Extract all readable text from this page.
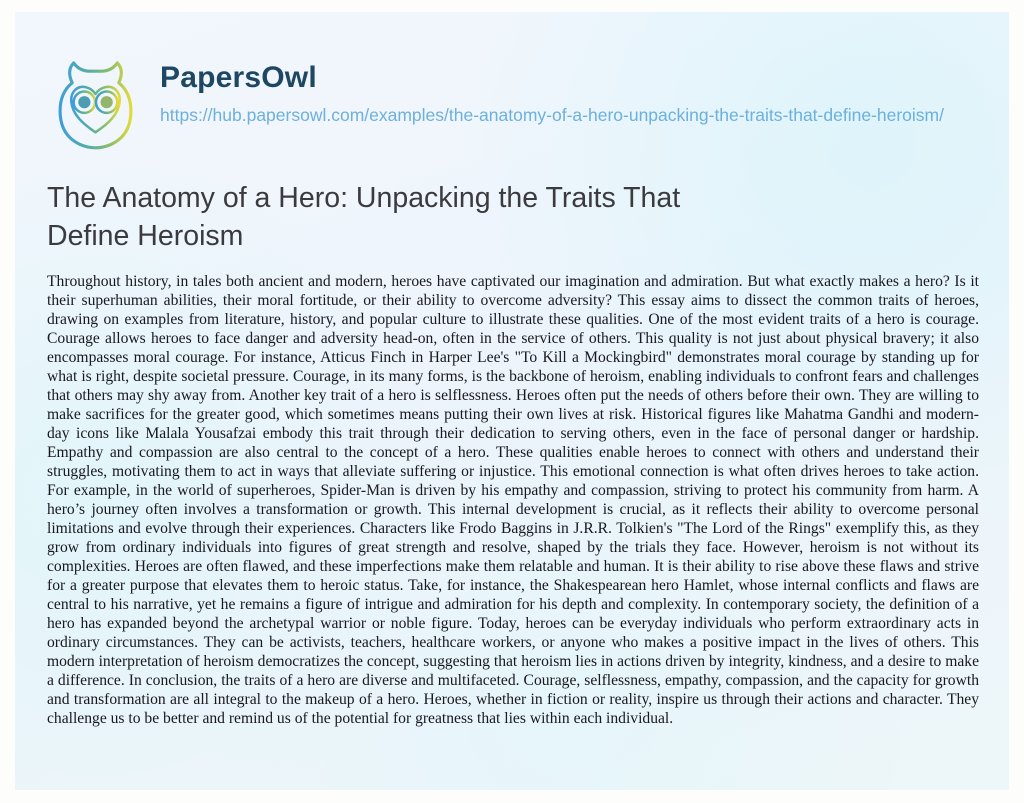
PapersOwl
https://hub.papersowl.com/examples/the-anatomy-of-a-hero-unpacking-the-traits-that-define-heroism/
The Anatomy of a Hero: Unpacking the Traits That Define Heroism

Throughout history, in tales both ancient and modern, heroes have captivated our imagination and admiration. But what exactly makes a hero? Is it their superhuman abilities, their moral fortitude, or their ability to overcome adversity? This essay aims to dissect the common traits of heroes, drawing on examples from literature, history, and popular culture to illustrate these qualities. One of the most evident traits of a hero is courage. Courage allows heroes to face danger and adversity head-on, often in the service of others. This quality is not just about physical bravery; it also encompasses moral courage. For instance, Atticus Finch in Harper Lee's "To Kill a Mockingbird" demonstrates moral courage by standing up for what is right, despite societal pressure. Courage, in its many forms, is the backbone of heroism, enabling individuals to confront fears and challenges that others may shy away from. Another key trait of a hero is selflessness. Heroes often put the needs of others before their own. They are willing to make sacrifices for the greater good, which sometimes means putting their own lives at risk. Historical figures like Mahatma Gandhi and modern-day icons like Malala Yousafzai embody this trait through their dedication to serving others, even in the face of personal danger or hardship. Empathy and compassion are also central to the concept of a hero. These qualities enable heroes to connect with others and understand their struggles, motivating them to act in ways that alleviate suffering or injustice. This emotional connection is what often drives heroes to take action. For example, in the world of superheroes, Spider-Man is driven by his empathy and compassion, striving to protect his community from harm. A hero’s journey often involves a transformation or growth. This internal development is crucial, as it reflects their ability to overcome personal limitations and evolve through their experiences. Characters like Frodo Baggins in J.R.R. Tolkien's "The Lord of the Rings" exemplify this, as they grow from ordinary individuals into figures of great strength and resolve, shaped by the trials they face. However, heroism is not without its complexities. Heroes are often flawed, and these imperfections make them relatable and human. It is their ability to rise above these flaws and strive for a greater purpose that elevates them to heroic status. Take, for instance, the Shakespearean hero Hamlet, whose internal conflicts and flaws are central to his narrative, yet he remains a figure of intrigue and admiration for his depth and complexity. In contemporary society, the definition of a hero has expanded beyond the archetypal warrior or noble figure. Today, heroes can be everyday individuals who perform extraordinary acts in ordinary circumstances. They can be activists, teachers, healthcare workers, or anyone who makes a positive impact in the lives of others. This modern interpretation of heroism democratizes the concept, suggesting that heroism lies in actions driven by integrity, kindness, and a desire to make a difference. In conclusion, the traits of a hero are diverse and multifaceted. Courage, selflessness, empathy, compassion, and the capacity for growth and transformation are all integral to the makeup of a hero. Heroes, whether in fiction or reality, inspire us through their actions and character. They challenge us to be better and remind us of the potential for greatness that lies within each individual.
